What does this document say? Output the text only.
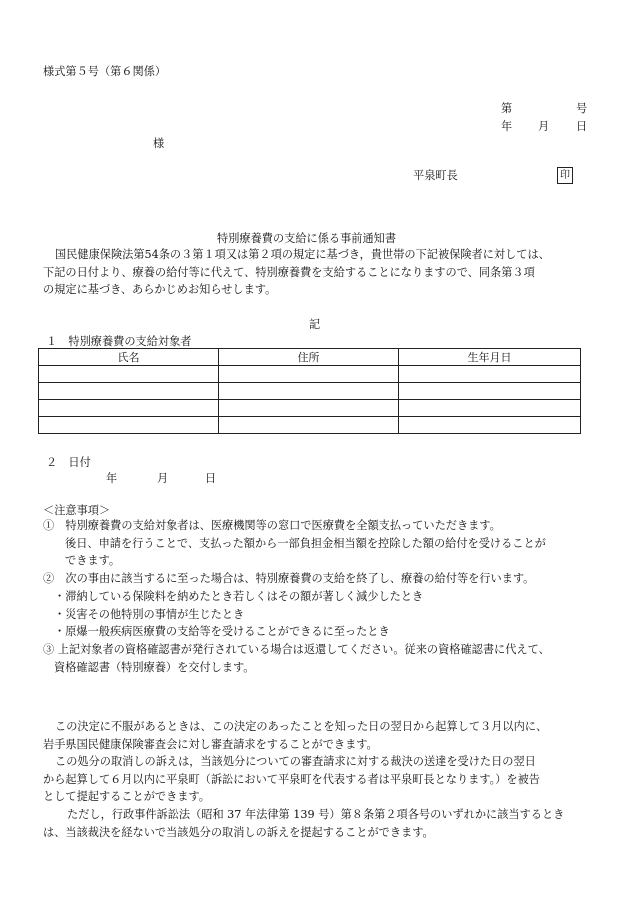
様式第５号（第６関係）
第	号
年 月 日
様
平泉町長	印
特別療養費の支給に係る事前通知書
国民健康保険法第54条の３第１項又は第２項の規定に基づき，貴世帯の下記被保険者に対しては、
下記の日付より、療養の給付等に代えて、特別療養費を支給することになりますので、同条第３項
の規定に基づき、あらかじめお知らせします。
記
１　特別療養費の支給対象者
氏名	住所	生年月日

２　日付
年	月	日
＜注意事項＞
①　特別療養費の支給対象者は、医療機関等の窓口で医療費を全額支払っていただきます。
後日、申請を行うことで、支払った額から一部負担金相当額を控除した額の給付を受けることが
できます。
②　次の事由に該当するに至った場合は、特別療養費の支給を終了し、療養の給付等を行います。
・滞納している保険料を納めたとき若しくはその額が著しく減少したとき
・災害その他特別の事情が生じたとき
・原爆一般疾病医療費の支給等を受けることができるに至ったとき
③ 上記対象者の資格確認書が発行されている場合は返還してください。従来の資格確認書に代えて、
資格確認書（特別療養）を交付します。
この決定に不服があるときは、この決定のあったことを知った日の翌日から起算して３月以内に、
岩手県国民健康保険審査会に対し審査請求をすることができます。
この処分の取消しの訴えは，当該処分についての審査請求に対する裁決の送達を受けた日の翌日
から起算して６月以内に平泉町（訴訟において平泉町を代表する者は平泉町長となります。）を被告
として提起することができます。
ただし，行政事件訴訟法（昭和 37 年法律第 139 号）第８条第２項各号のいずれかに該当するとき
は、当該裁決を経ないで当該処分の取消しの訴えを提起することができます。
